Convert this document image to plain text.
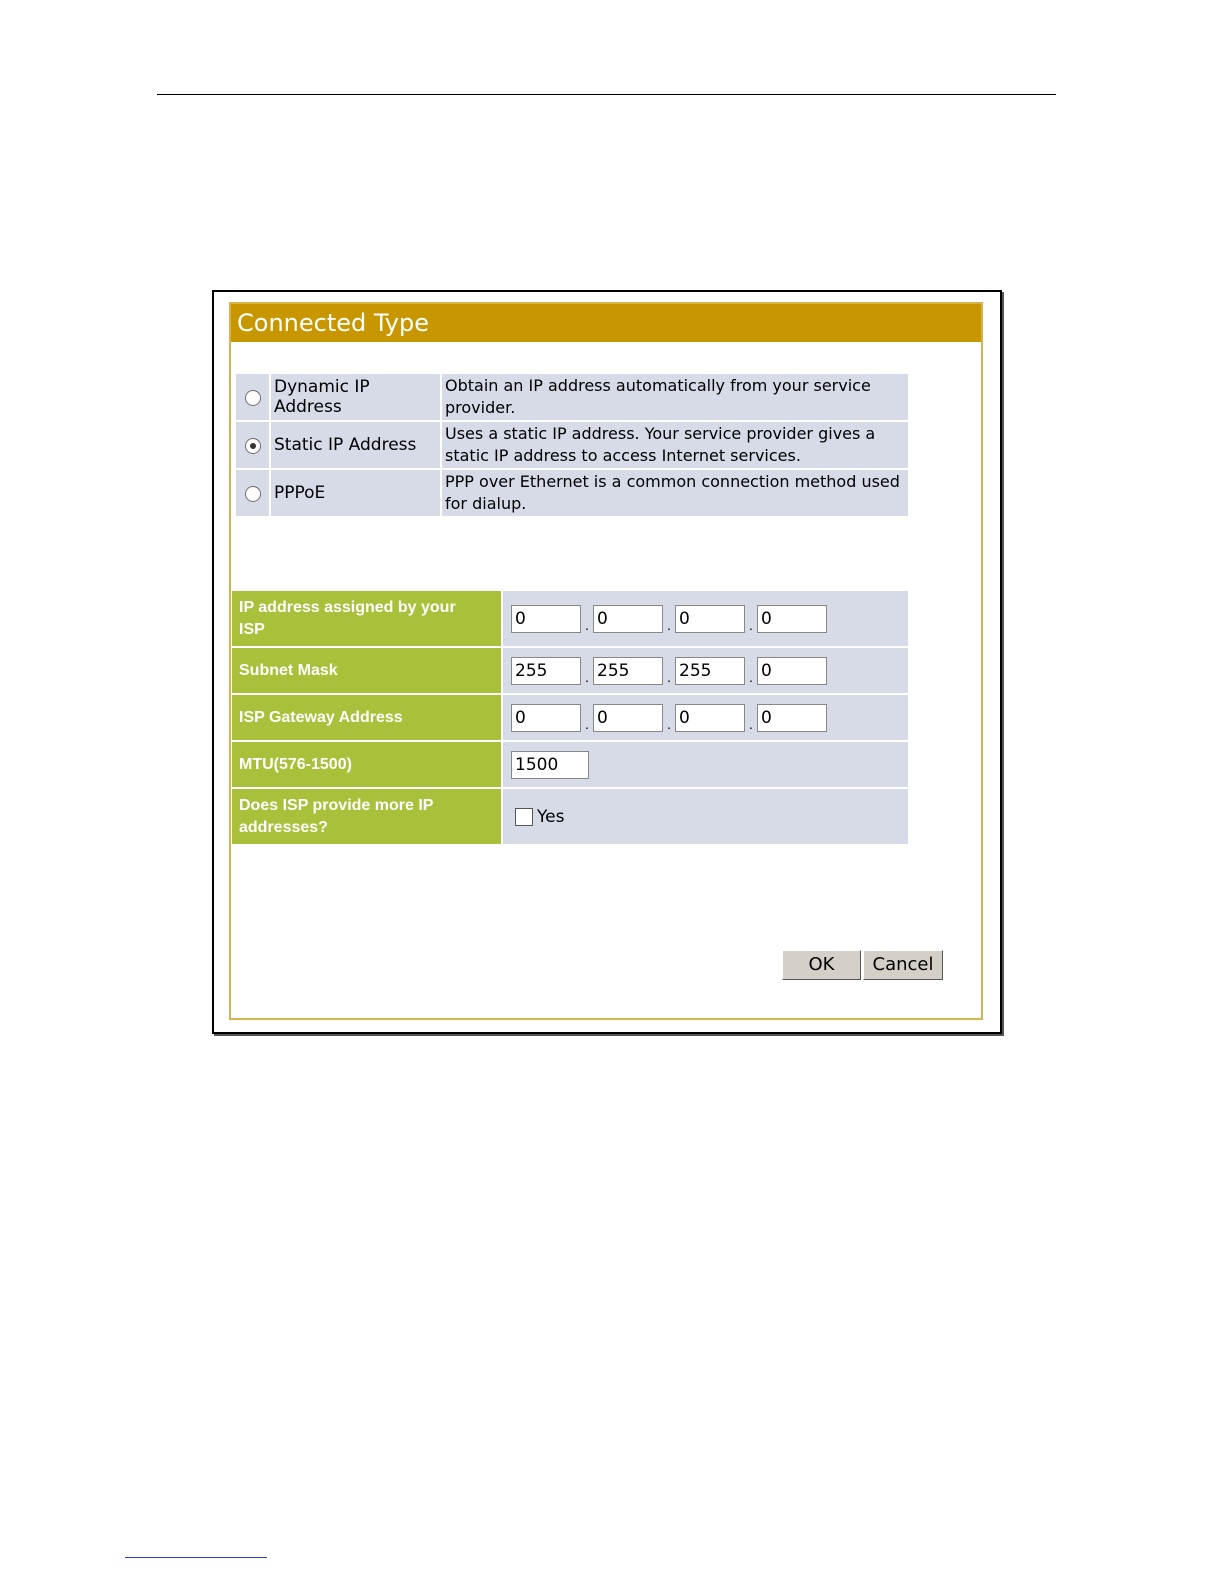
Connected Type
	Dynamic IP Address	Obtain an IP address automatically from your service
provider.
	Static IP Address	Uses a static IP address. Your service provider gives a
static IP address to access Internet services.
	PPPoE	PPP over Ethernet is a common connection method used
for dialup.
IP address assigned by your
ISP	0 . 0 . 0 . 0
Subnet Mask	255 . 255 . 255 . 0
ISP Gateway Address	0 . 0 . 0 . 0
MTU(576-1500)	1500
Does ISP provide more IP
addresses?	Yes
OK Cancel
